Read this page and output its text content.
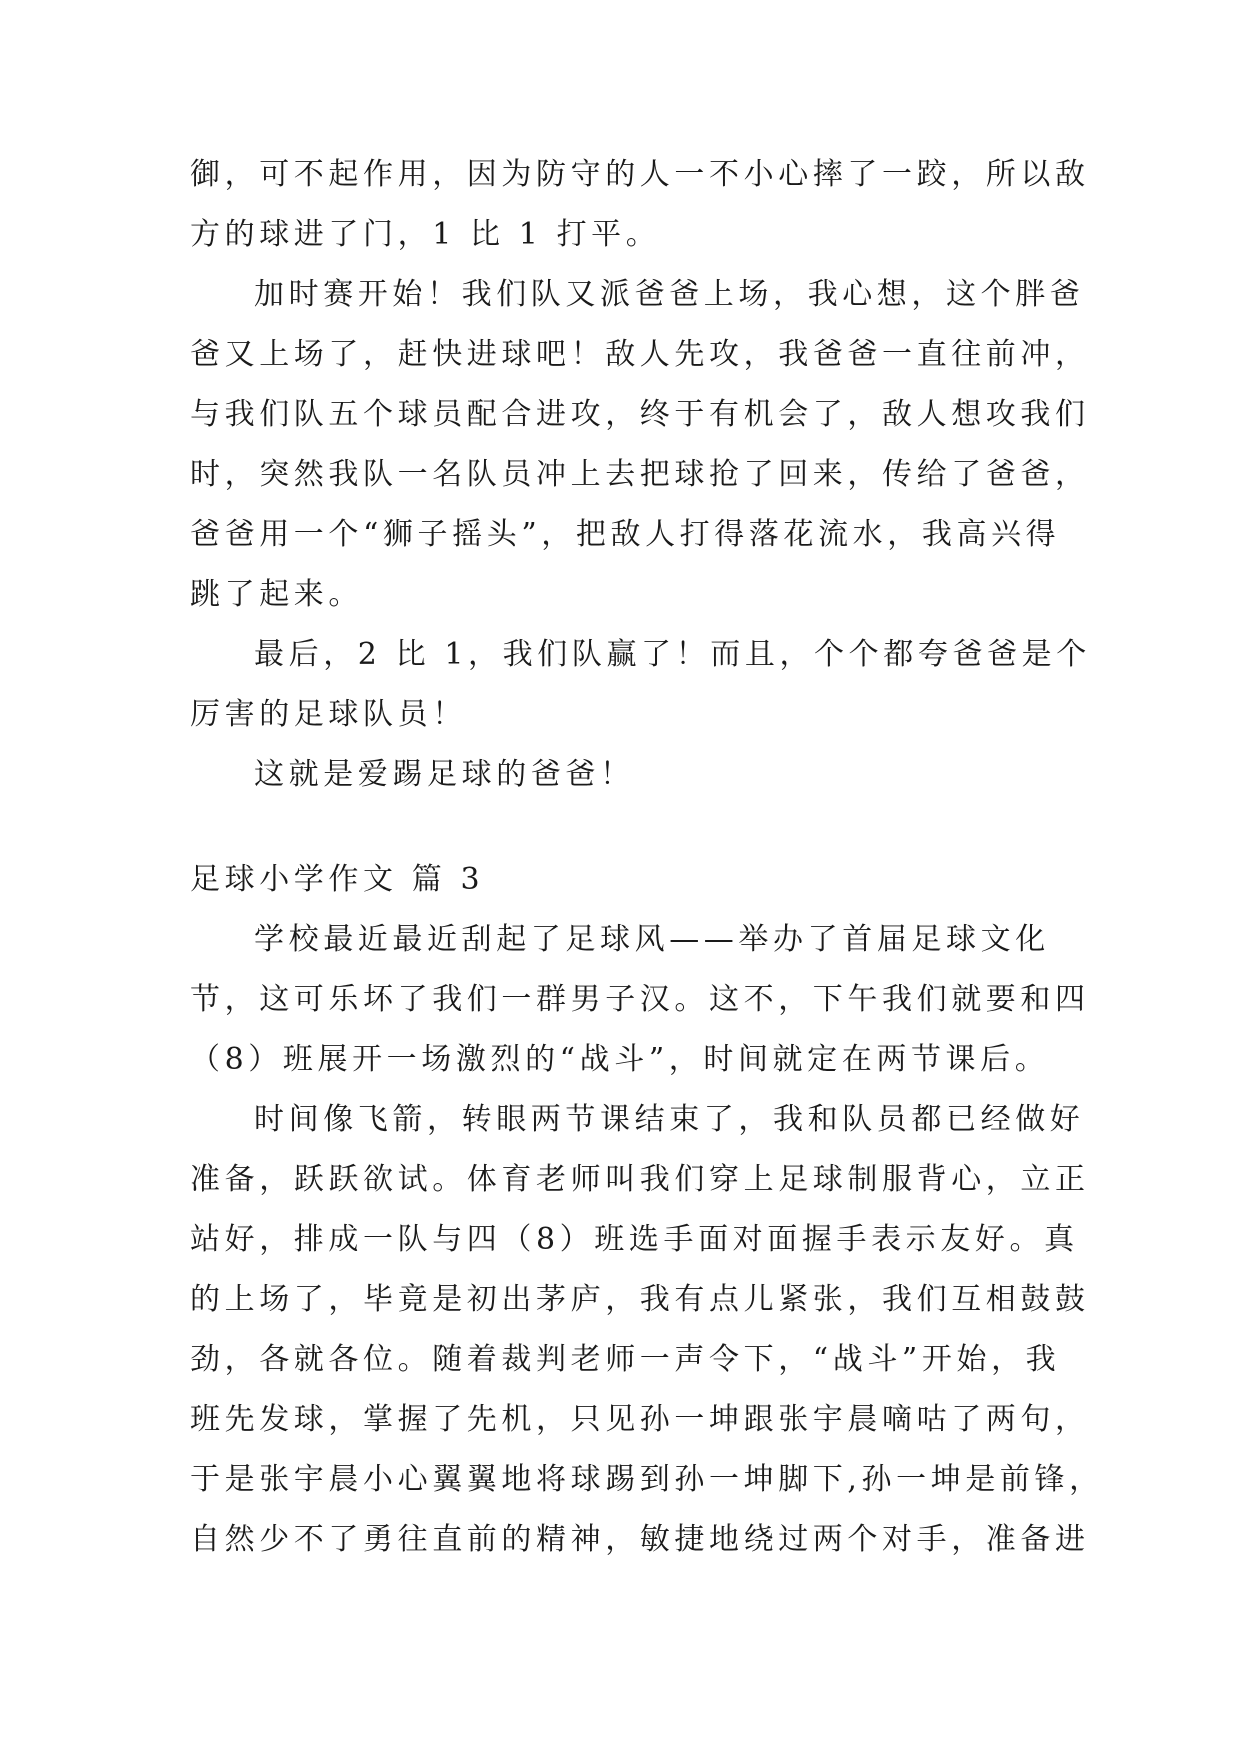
御，可不起作用，因为防守的人一不小心摔了一跤，所以敌
方的球进了门，1 比 1 打平。
加时赛开始！我们队又派爸爸上场，我心想，这个胖爸
爸又上场了，赶快进球吧！敌人先攻，我爸爸一直往前冲，
与我们队五个球员配合进攻，终于有机会了，敌人想攻我们
时，突然我队一名队员冲上去把球抢了回来，传给了爸爸，
爸爸用一个“狮子摇头”，把敌人打得落花流水，我高兴得
跳了起来。
最后，2 比 1，我们队赢了！而且，个个都夸爸爸是个
厉害的足球队员！
这就是爱踢足球的爸爸！
足球小学作文 篇 3
学校最近最近刮起了足球风——举办了首届足球文化
节，这可乐坏了我们一群男子汉。这不，下午我们就要和四
（8）班展开一场激烈的“战斗”，时间就定在两节课后。
时间像飞箭，转眼两节课结束了，我和队员都已经做好
准备，跃跃欲试。体育老师叫我们穿上足球制服背心，立正
站好，排成一队与四（8）班选手面对面握手表示友好。真
的上场了，毕竟是初出茅庐，我有点儿紧张，我们互相鼓鼓
劲，各就各位。随着裁判老师一声令下，“战斗”开始，我
班先发球，掌握了先机，只见孙一坤跟张宇晨嘀咕了两句，
于是张宇晨小心翼翼地将球踢到孙一坤脚下,孙一坤是前锋，
自然少不了勇往直前的精神，敏捷地绕过两个对手，准备进
